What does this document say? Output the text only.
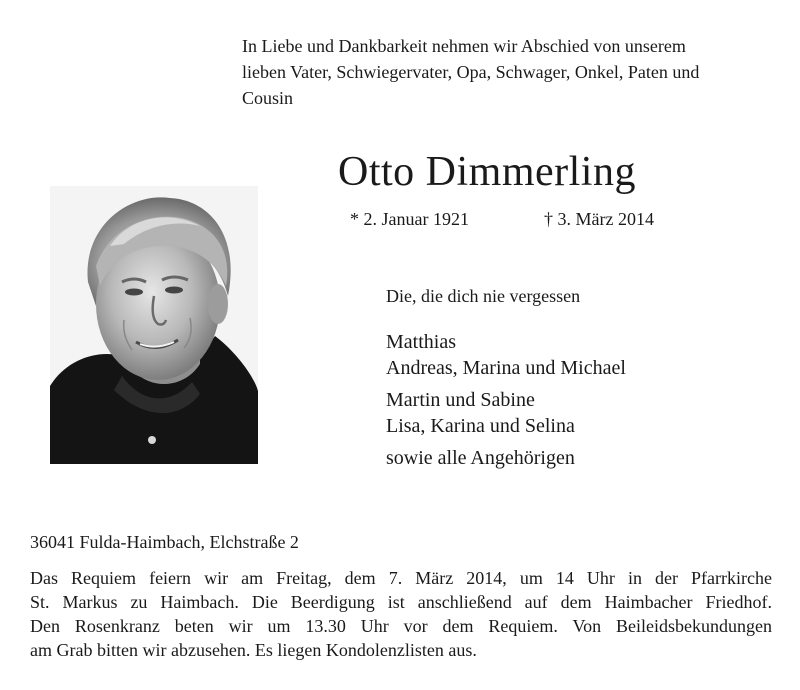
In Liebe und Dankbarkeit nehmen wir Abschied von unserem
lieben Vater, Schwiegervater, Opa, Schwager, Onkel, Paten und
Cousin
Otto Dimmerling
* 2. Januar 1921	† 3. März 2014
Die, die dich nie vergessen
Matthias
Andreas, Marina und Michael
Martin und Sabine
Lisa, Karina und Selina
sowie alle Angehörigen
36041 Fulda-Haimbach, Elchstraße 2
Das Requiem feiern wir am Freitag, dem 7. März 2014, um 14 Uhr in der Pfarrkirche
St. Markus zu Haimbach. Die Beerdigung ist anschließend auf dem Haimbacher Friedhof.
Den Rosenkranz beten wir um 13.30 Uhr vor dem Requiem. Von Beileidsbekundungen
am Grab bitten wir abzusehen. Es liegen Kondolenzlisten aus.
